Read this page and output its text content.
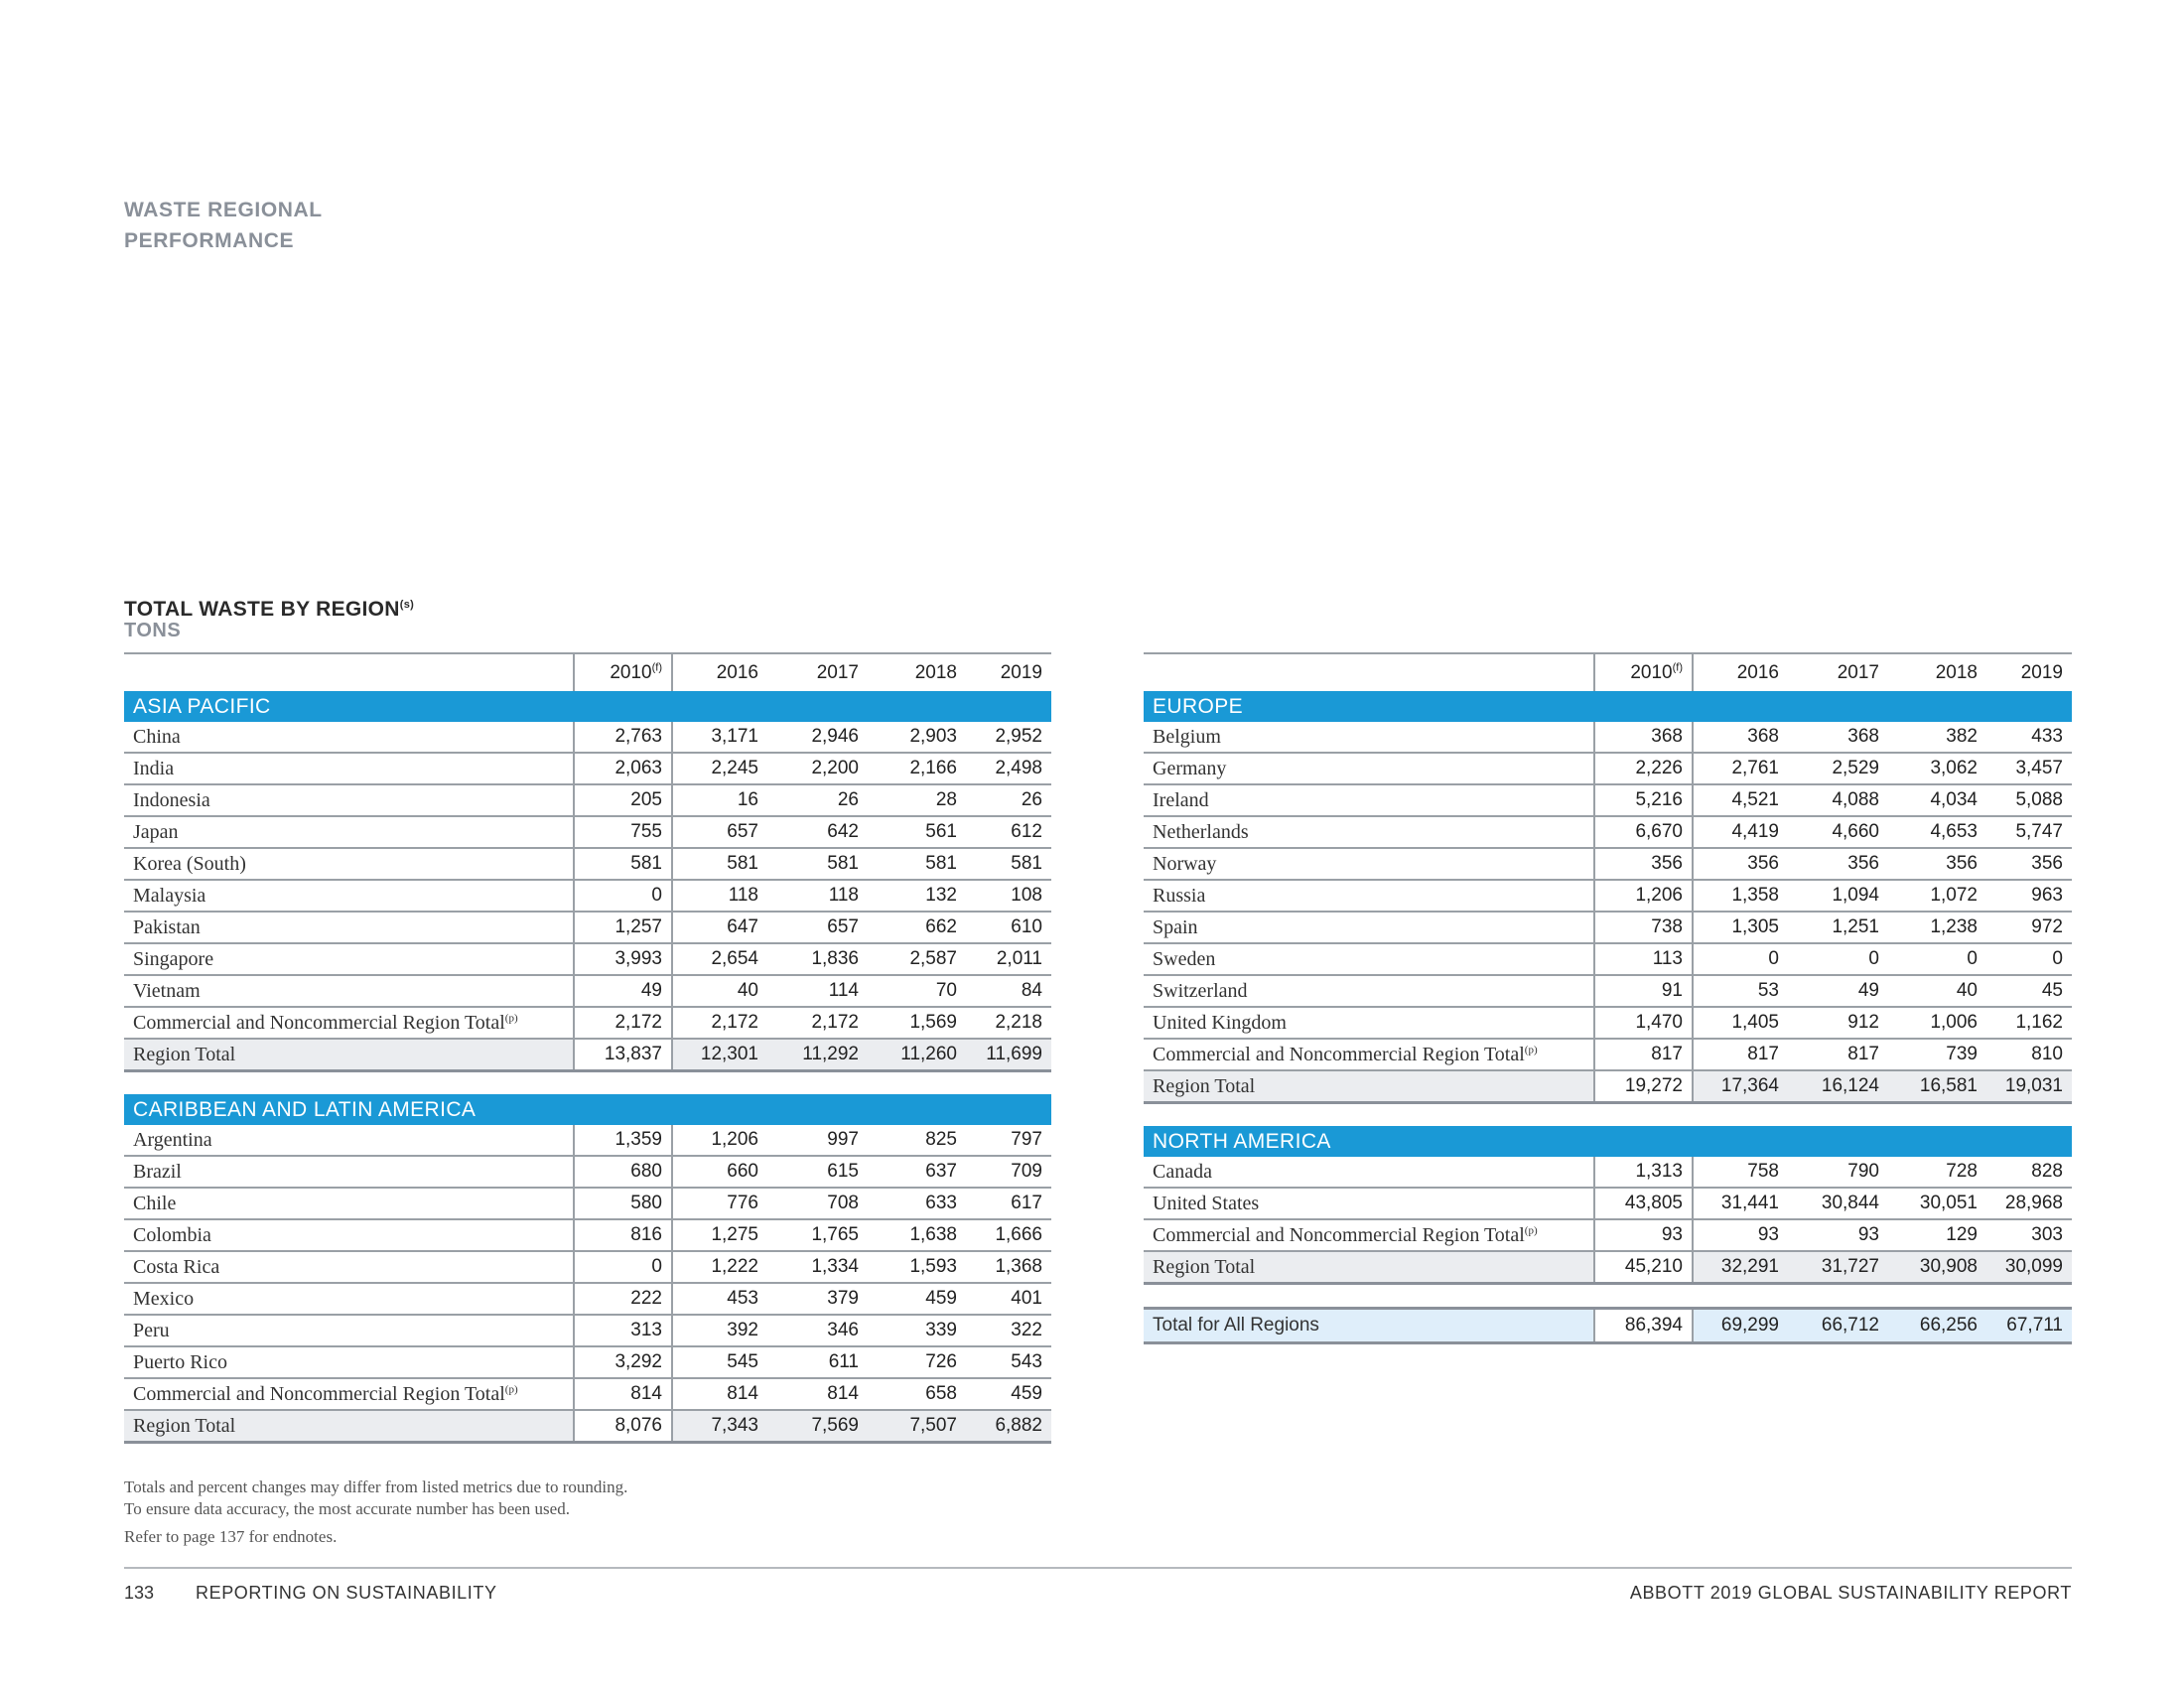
WASTE REGIONAL
PERFORMANCE
TOTAL WASTE BY REGION$^{(s)}$
TONS
	2010$^{(f)}$	2016	2017	2018	2019
ASIA PACIFIC					
China	2,763	3,171	2,946	2,903	2,952
India	2,063	2,245	2,200	2,166	2,498
Indonesia	205	16	26	28	26
Japan	755	657	642	561	612
Korea (South)	581	581	581	581	581
Malaysia	0	118	118	132	108
Pakistan	1,257	647	657	662	610
Singapore	3,993	2,654	1,836	2,587	2,011
Vietnam	49	40	114	70	84
Commercial and Noncommercial Region Total$^{(p)}$	2,172	2,172	2,172	1,569	2,218
Region Total	13,837	12,301	11,292	11,260	11,699

CARIBBEAN AND LATIN AMERICA					
Argentina	1,359	1,206	997	825	797
Brazil	680	660	615	637	709
Chile	580	776	708	633	617
Colombia	816	1,275	1,765	1,638	1,666
Costa Rica	0	1,222	1,334	1,593	1,368
Mexico	222	453	379	459	401
Peru	313	392	346	339	322
Puerto Rico	3,292	545	611	726	543
Commercial and Noncommercial Region Total$^{(p)}$	814	814	814	658	459
Region Total	8,076	7,343	7,569	7,507	6,882
	2010$^{(f)}$	2016	2017	2018	2019
EUROPE					
Belgium	368	368	368	382	433
Germany	2,226	2,761	2,529	3,062	3,457
Ireland	5,216	4,521	4,088	4,034	5,088
Netherlands	6,670	4,419	4,660	4,653	5,747
Norway	356	356	356	356	356
Russia	1,206	1,358	1,094	1,072	963
Spain	738	1,305	1,251	1,238	972
Sweden	113	0	0	0	0
Switzerland	91	53	49	40	45
United Kingdom	1,470	1,405	912	1,006	1,162
Commercial and Noncommercial Region Total$^{(p)}$	817	817	817	739	810
Region Total	19,272	17,364	16,124	16,581	19,031

NORTH AMERICA					
Canada	1,313	758	790	728	828
United States	43,805	31,441	30,844	30,051	28,968
Commercial and Noncommercial Region Total$^{(p)}$	93	93	93	129	303
Region Total	45,210	32,291	31,727	30,908	30,099

Total for All Regions	86,394	69,299	66,712	66,256	67,711
Totals and percent changes may differ from listed metrics due to rounding.
To ensure data accuracy, the most accurate number has been used.
Refer to page 137 for endnotes.
133 REPORTING ON SUSTAINABILITY	ABBOTT 2019 GLOBAL SUSTAINABILITY REPORT
